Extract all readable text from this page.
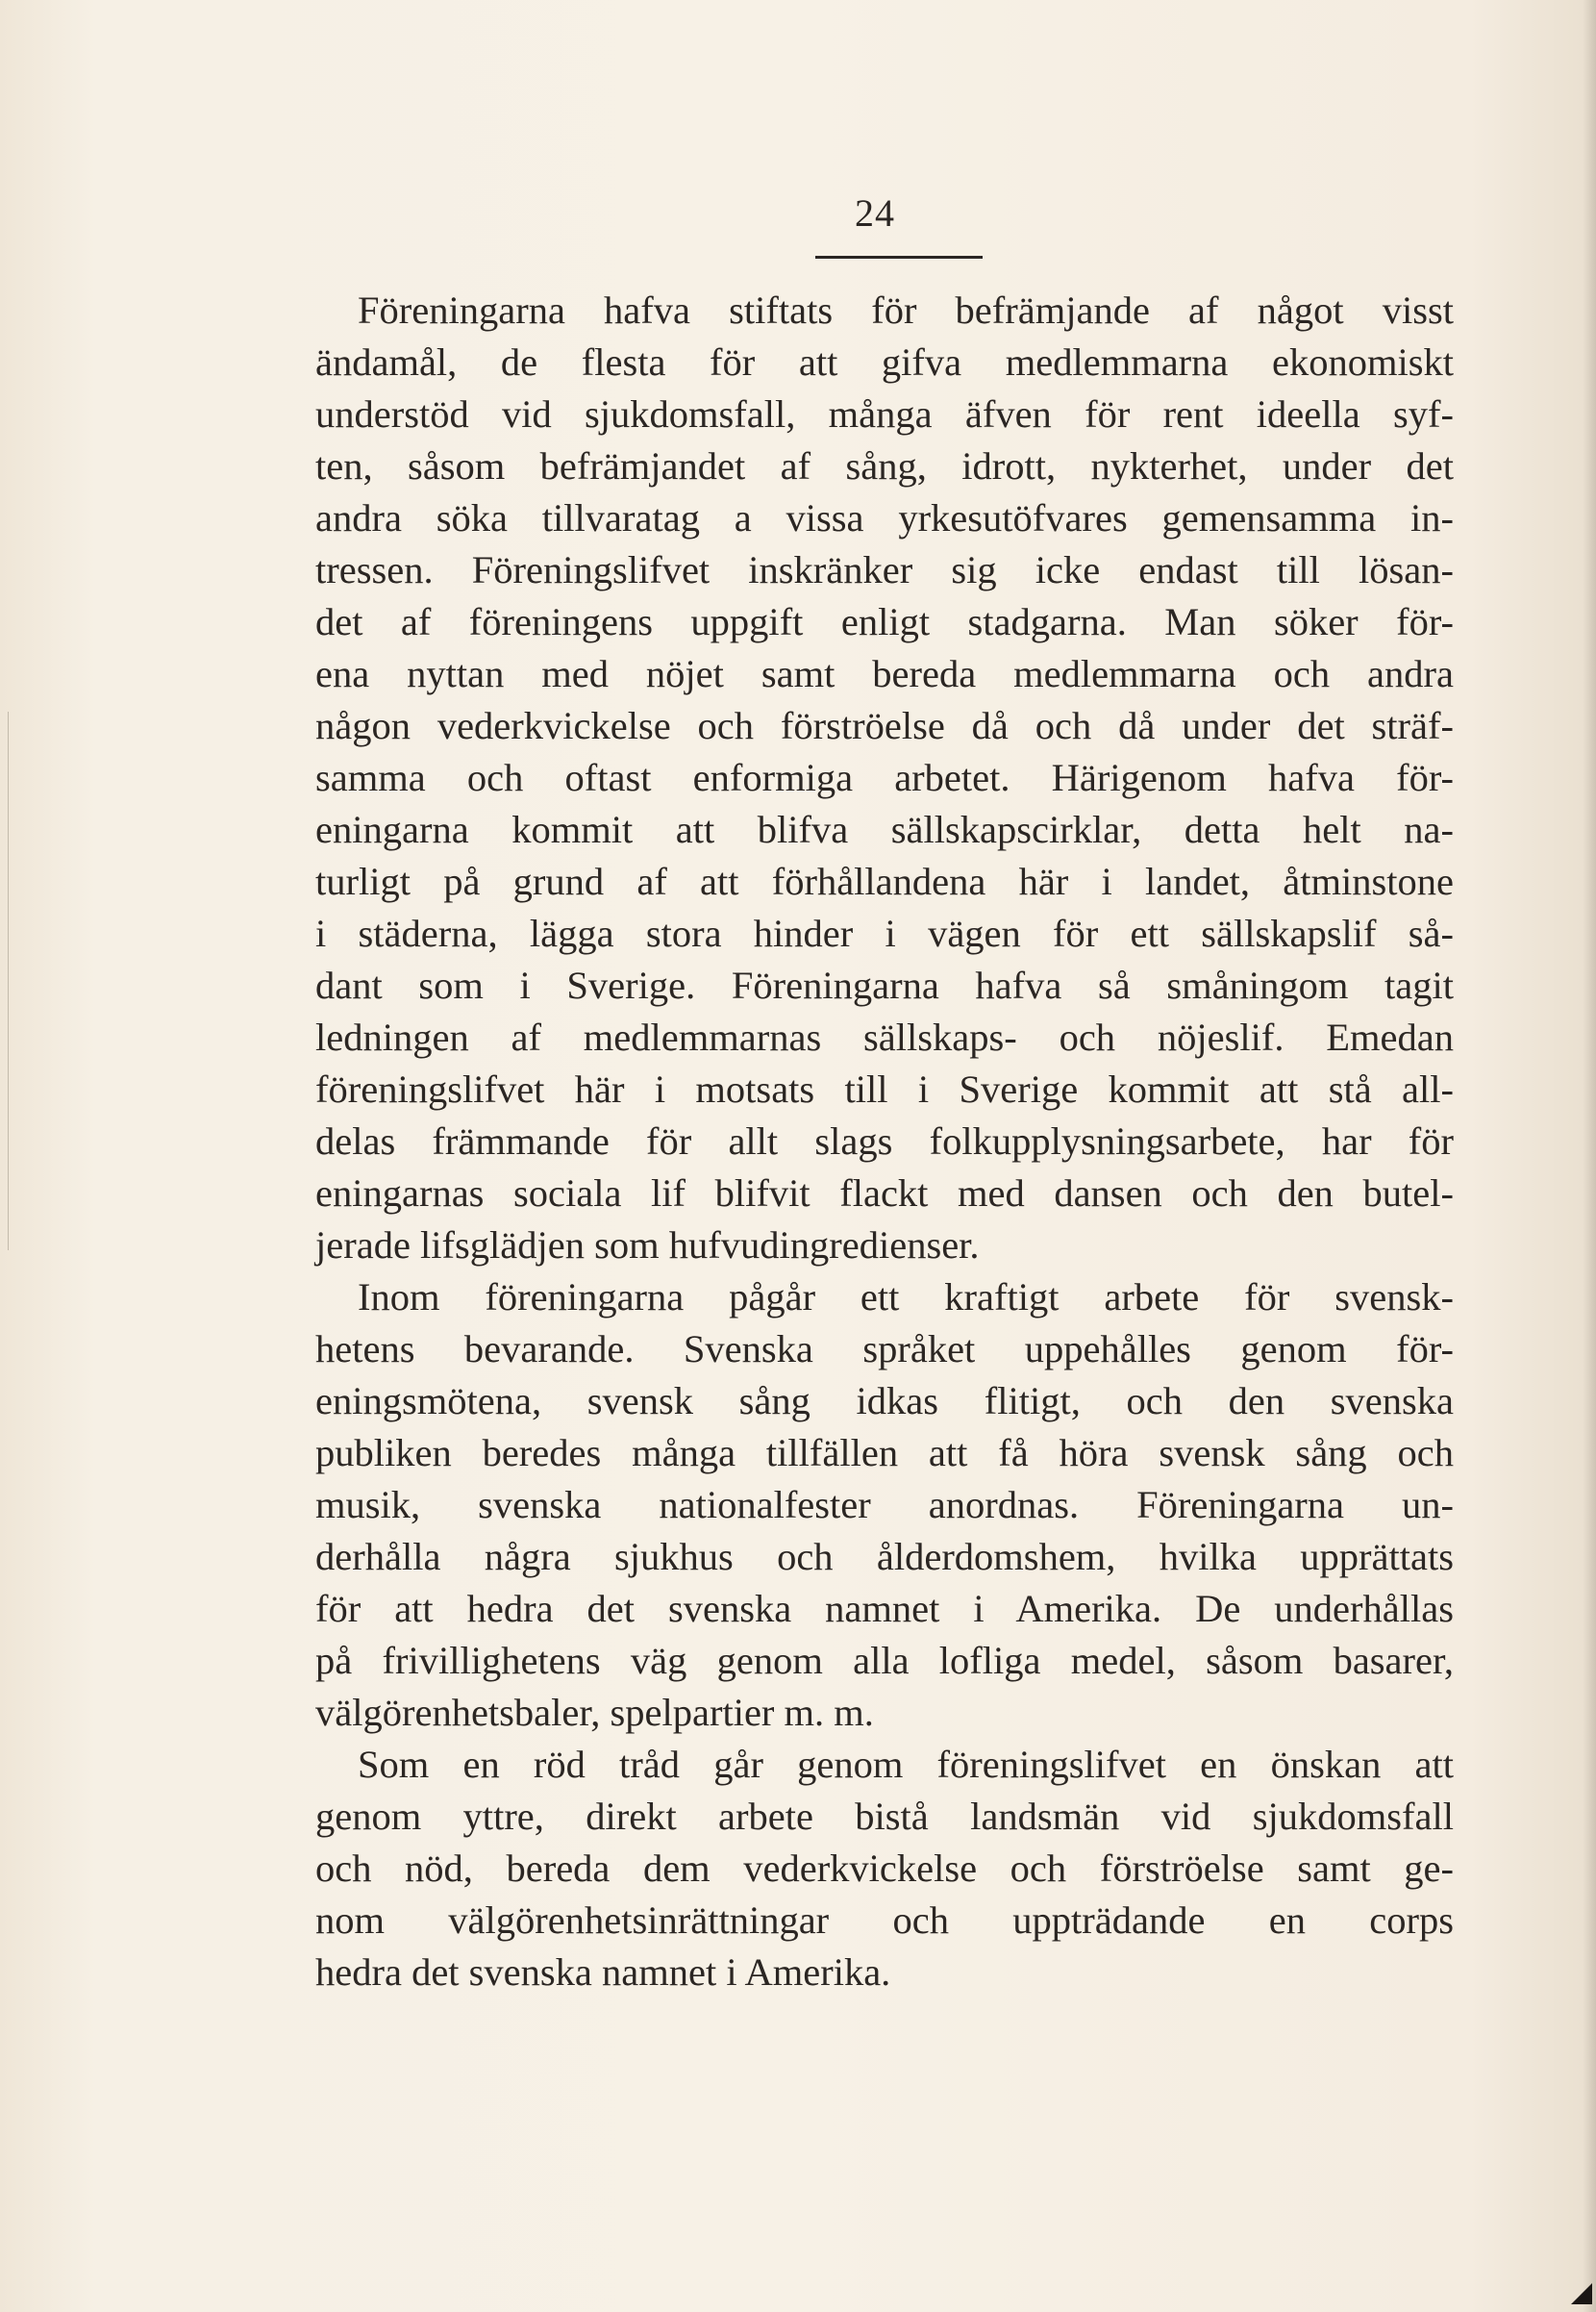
24
Föreningarna hafva stiftats för befrämjande af något visst
ändamål, de flesta för att gifva medlemmarna ekonomiskt
understöd vid sjukdomsfall, många äfven för rent ideella syf-
ten, såsom befrämjandet af sång, idrott, nykterhet, under det
andra söka tillvaratag a vissa yrkesutöfvares gemensamma in-
tressen. Föreningslifvet inskränker sig icke endast till lösan-
det af föreningens uppgift enligt stadgarna. Man söker för-
ena nyttan med nöjet samt bereda medlemmarna och andra
någon vederkvickelse och förströelse då och då under det sträf-
samma och oftast enformiga arbetet. Härigenom hafva för-
eningarna kommit att blifva sällskapscirklar, detta helt na-
turligt på grund af att förhållandena här i landet, åtminstone
i städerna, lägga stora hinder i vägen för ett sällskapslif så-
dant som i Sverige. Föreningarna hafva så småningom tagit
ledningen af medlemmarnas sällskaps- och nöjeslif. Emedan
föreningslifvet här i motsats till i Sverige kommit att stå all-
delas främmande för allt slags folkupplysningsarbete, har för
eningarnas sociala lif blifvit flackt med dansen och den butel-
jerade lifsglädjen som hufvudingredienser.
Inom föreningarna pågår ett kraftigt arbete för svensk-
hetens bevarande. Svenska språket uppehålles genom för-
eningsmötena, svensk sång idkas flitigt, och den svenska
publiken beredes många tillfällen att få höra svensk sång och
musik, svenska nationalfester anordnas. Föreningarna un-
derhålla några sjukhus och ålderdomshem, hvilka upprättats
för att hedra det svenska namnet i Amerika. De underhållas
på frivillighetens väg genom alla lofliga medel, såsom basarer,
välgörenhetsbaler, spelpartier m. m.
Som en röd tråd går genom föreningslifvet en önskan att
genom yttre, direkt arbete bistå landsmän vid sjukdomsfall
och nöd, bereda dem vederkvickelse och förströelse samt ge-
nom välgörenhetsinrättningar och uppträdande en corps
hedra det svenska namnet i Amerika.
